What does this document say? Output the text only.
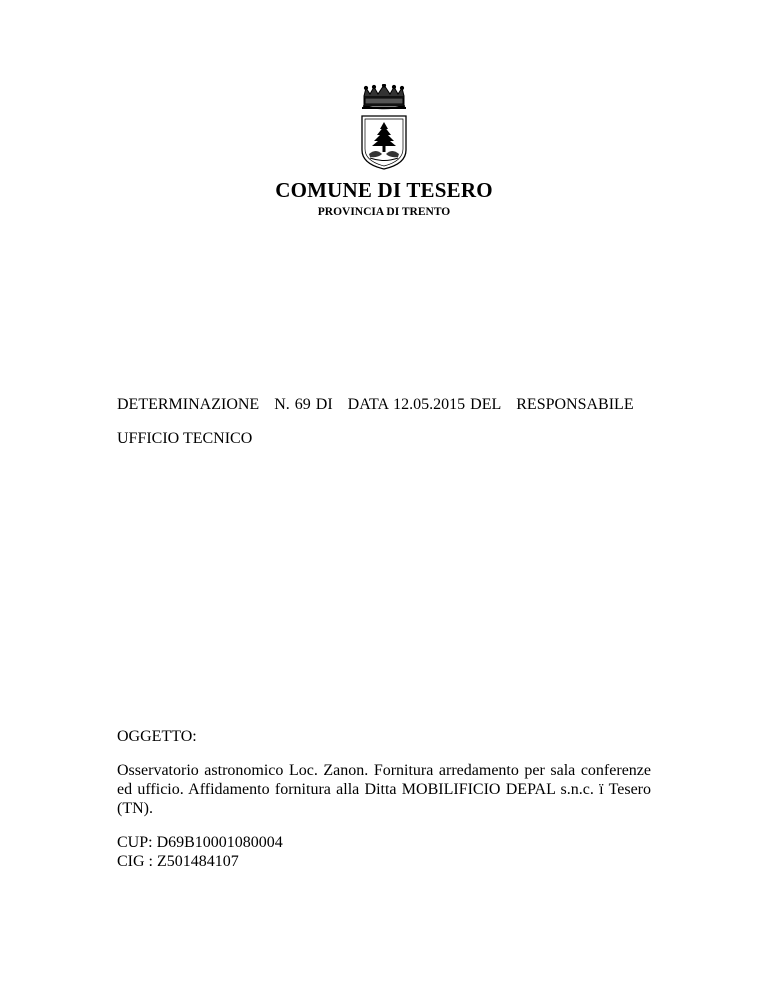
COMUNE DI TESERO
PROVINCIA DI TRENTO
DETERMINAZIONE N. 69 DI DATA 12.05.2015 DEL RESPONSABILE
UFFICIO TECNICO
OGGETTO:
Osservatorio astronomico Loc. Zanon. Fornitura arredamento per sala conferenze ed ufficio. Affidamento fornitura alla Ditta MOBILIFICIO DEPAL s.n.c. ï Tesero (TN).
CUP: D69B10001080004
CIG : Z501484107
